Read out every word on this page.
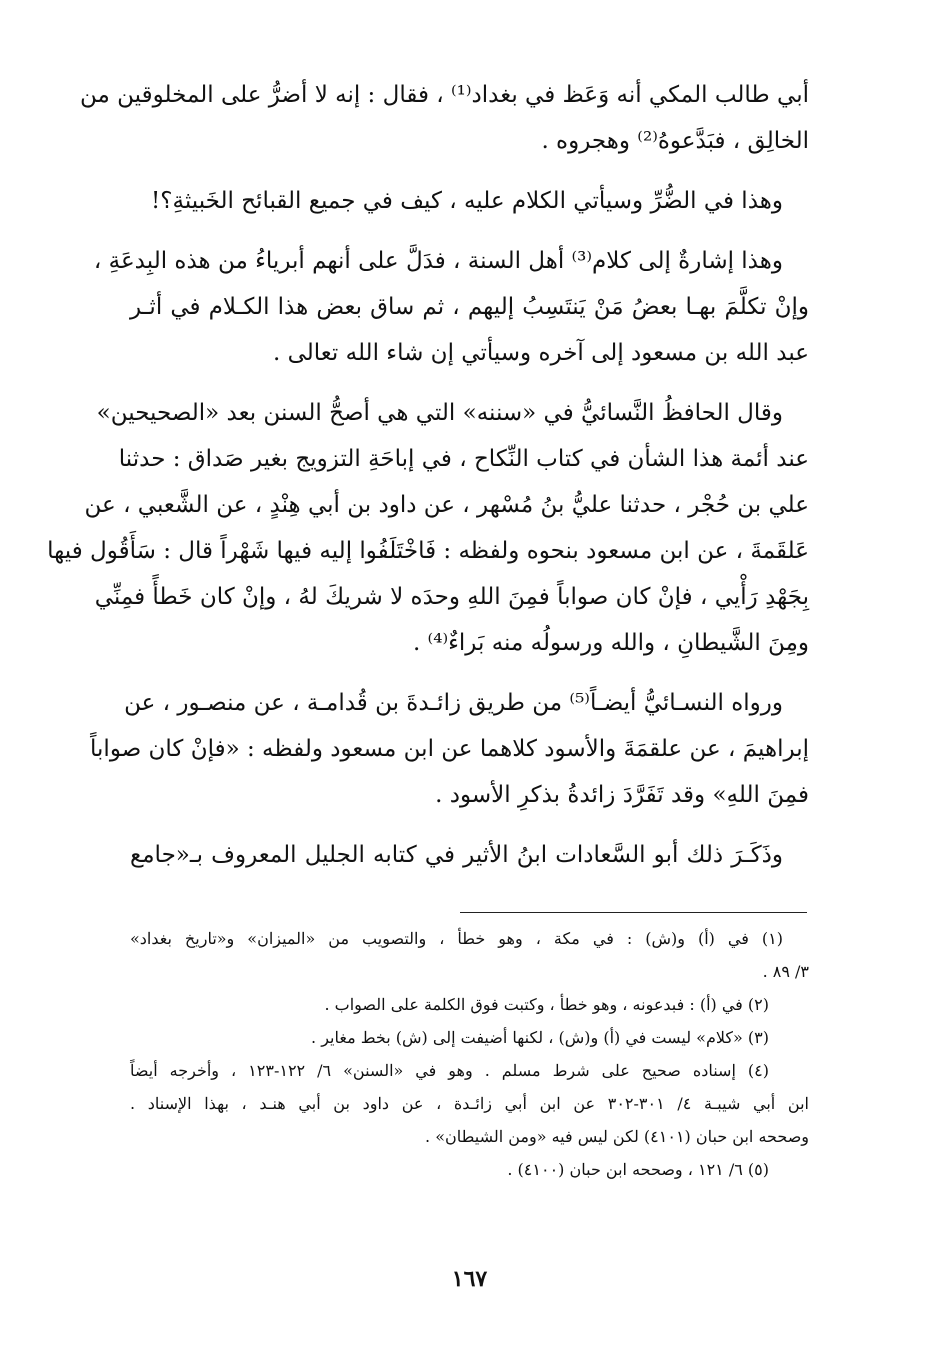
أبي طالب المكي أنه وَعَظ في بغداد⁽¹⁾ ، فقال : إنه لا أضرُّ على المخلوقين من
الخالِق ، فبَدَّعوهُ⁽²⁾ وهجروه .
وهذا في الضُّرِّ وسيأتي الكلام عليه ، كيف في جميع القبائح الخَبيثةِ؟!
وهذا إشارةٌ إلى كلام⁽³⁾ أهل السنة ، فدَلَّ على أنهم أبرياءُ من هذه البِدعَةِ ،
وإنْ تكلَّمَ بهـا بعضُ مَنْ يَنتَسِبُ إليهم ، ثم ساق بعض هذا الكـلام في أثـر
عبد الله بن مسعود إلى آخره وسيأتي إن شاء الله تعالى .
وقال الحافظُ النَّسائيُّ في «سننه» التي هي أصحُّ السنن بعد «الصحيحين»
عند أئمة هذا الشأن في كتاب النِّكاح ، في إباحَةِ التزويج بغير صَداق : حدثنا
علي بن حُجْر ، حدثنا عليُّ بنُ مُسْهر ، عن داود بن أبي هِنْدٍ ، عن الشَّعبي ، عن
عَلقَمةَ ، عن ابن مسعود بنحوه ولفظه : فَاخْتَلَفُوا إليه فيها شَهْراً قال : سَأَقُول فيها
بِجَهْدِ رَأْيي ، فإنْ كان صواباً فمِنَ اللهِ وحدَه لا شريكَ لهُ ، وإنْ كان خَطأً فمِنِّي
ومِنَ الشَّيطانِ ، والله ورسولُه منه بَراءٌ⁽⁴⁾ .
ورواه النسـائيُّ أيضـاً⁽⁵⁾ من طريق زائـدةَ بن قُدامـة ، عن منصـور ، عن
إبراهيمَ ، عن علقمَةَ والأسود كلاهما عن ابن مسعود ولفظه : «فإنْ كان صواباً
فمِنَ اللهِ» وقد تَفَرَّدَ زائدةُ بذكرِ الأسود .
وذَكَـرَ ذلك أبو السَّعادات ابنُ الأثير في كتابه الجليل المعروف بـ«جامع
(١) في (أ) و(ش) : في مكة ، وهو خطأ ، والتصويب من «الميزان» و«تاريخ بغداد»
٣/ ٨٩ .
(٢) في (أ) : فبدعونه ، وهو خطأ ، وكتبت فوق الكلمة على الصواب .
(٣) «كلام» ليست في (أ) و(ش) ، لكنها أضيفت إلى (ش) بخط مغاير .
(٤) إسناده صحيح على شرط مسلم . وهو في «السنن» ٦/ ١٢٢-١٢٣ ، وأخرجه أيضاً
ابن أبي شيبـة ٤/ ٣٠١-٣٠٢ عن ابن أبي زائـدة ، عن داود بن أبي هنـد ، بهذا الإسناد .
وصححه ابن حبان (٤١٠١) لكن ليس فيه «ومن الشيطان» .
(٥) ٦/ ١٢١ ، وصححه ابن حبان (٤١٠٠) .
١٦٧
